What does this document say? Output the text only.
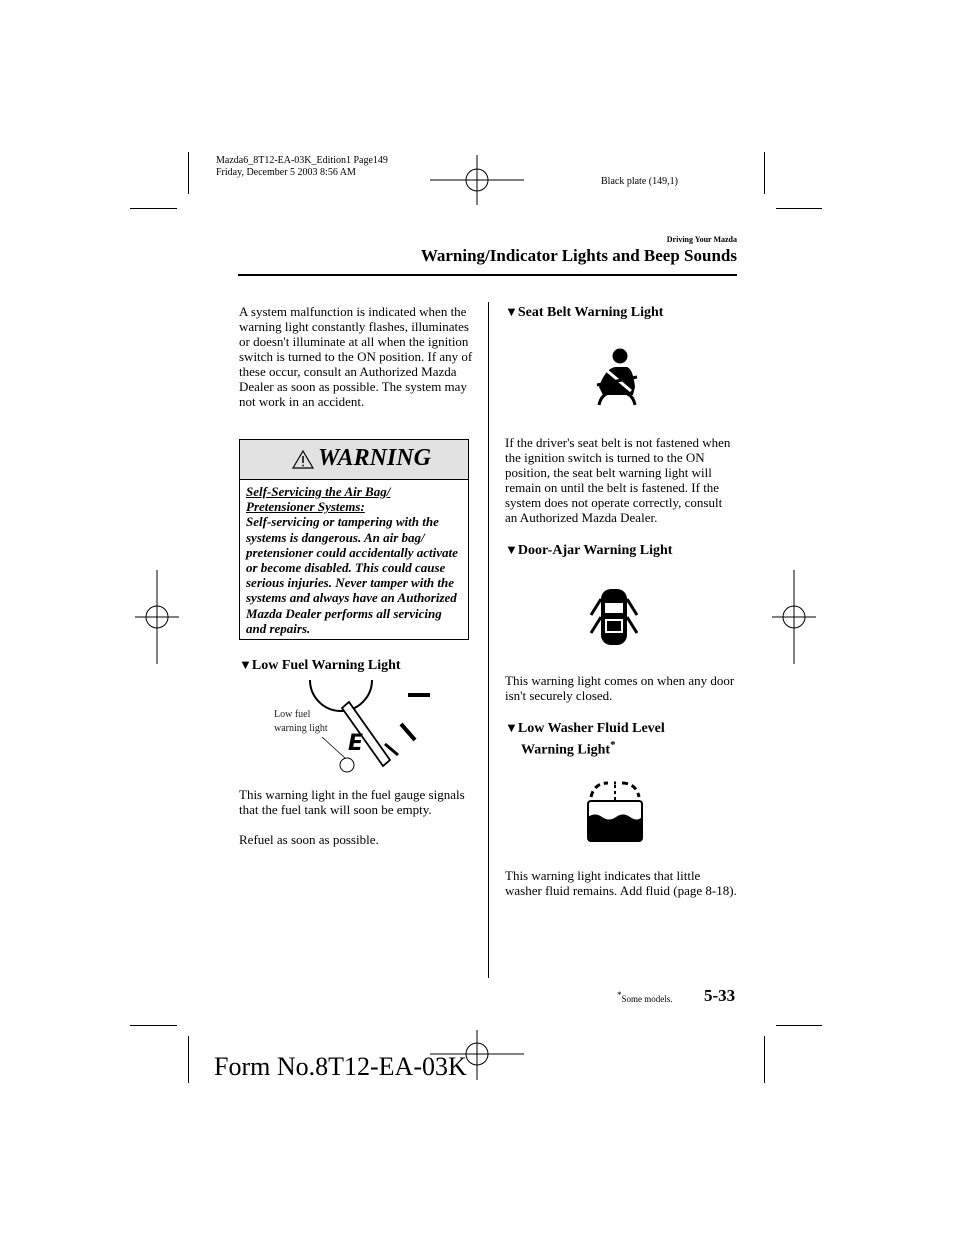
Mazda6_8T12-EA-03K_Edition1 Page149
Friday, December 5 2003 8:56 AM
Black plate (149,1)
Driving Your Mazda
Warning/Indicator Lights and Beep Sounds
A system malfunction is indicated when the warning light constantly flashes, illuminates or doesn't illuminate at all when the ignition switch is turned to the ON position. If any of these occur, consult an Authorized Mazda Dealer as soon as possible. The system may not work in an accident.
WARNING
Self-Servicing the Air Bag/
Pretensioner Systems:
Self-servicing or tampering with the systems is dangerous. An air bag/ pretensioner could accidentally activate or become disabled. This could cause serious injuries. Never tamper with the systems and always have an Authorized Mazda Dealer performs all servicing and repairs.
▼Low Fuel Warning Light
E
Low fuel
warning light
This warning light in the fuel gauge signals that the fuel tank will soon be empty.
Refuel as soon as possible.
▼Seat Belt Warning Light
If the driver's seat belt is not fastened when the ignition switch is turned to the ON position, the seat belt warning light will remain on until the belt is fastened. If the system does not operate correctly, consult an Authorized Mazda Dealer.
▼Door-Ajar Warning Light
This warning light comes on when any door isn't securely closed.
▼Low Washer Fluid Level
Warning Light*
This warning light indicates that little washer fluid remains. Add fluid (page 8-18).
*Some models. 5-33
Form No.8T12-EA-03K
